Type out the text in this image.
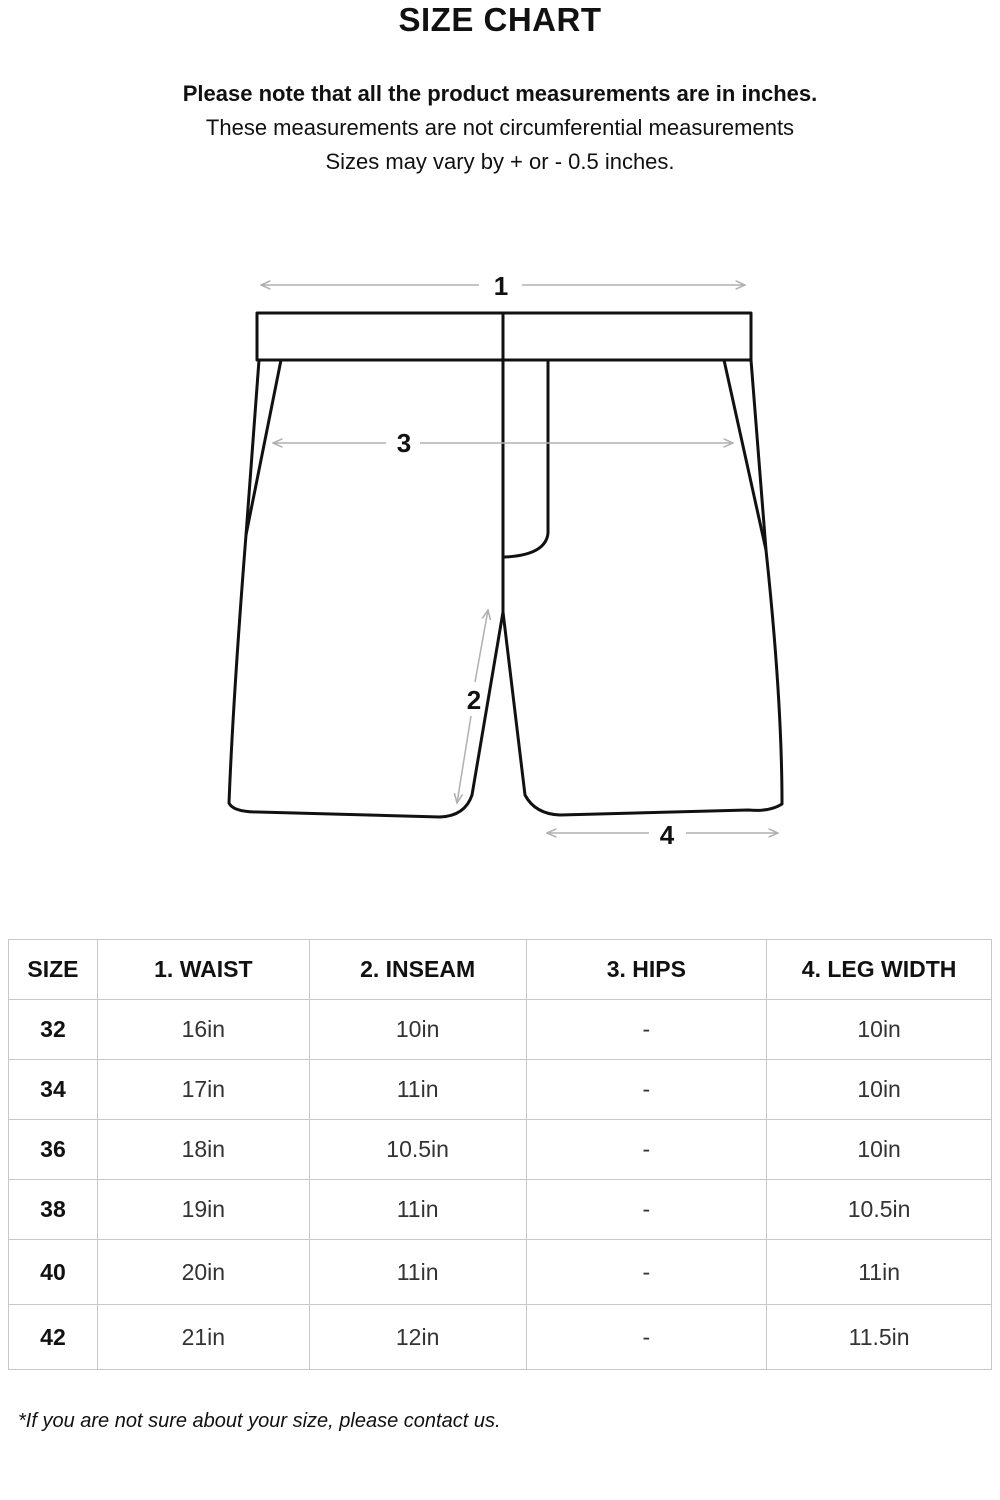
SIZE CHART
Please note that all the product measurements are in inches.
These measurements are not circumferential measurements
Sizes may vary by + or - 0.5 inches.
1
3
2
4
SIZE	1. WAIST	2. INSEAM	3. HIPS	4. LEG WIDTH
32	16in	10in	-	10in
34	17in	11in	-	10in
36	18in	10.5in	-	10in
38	19in	11in	-	10.5in
40	20in	11in	-	11in
42	21in	12in	-	11.5in
*If you are not sure about your size, please contact us.
